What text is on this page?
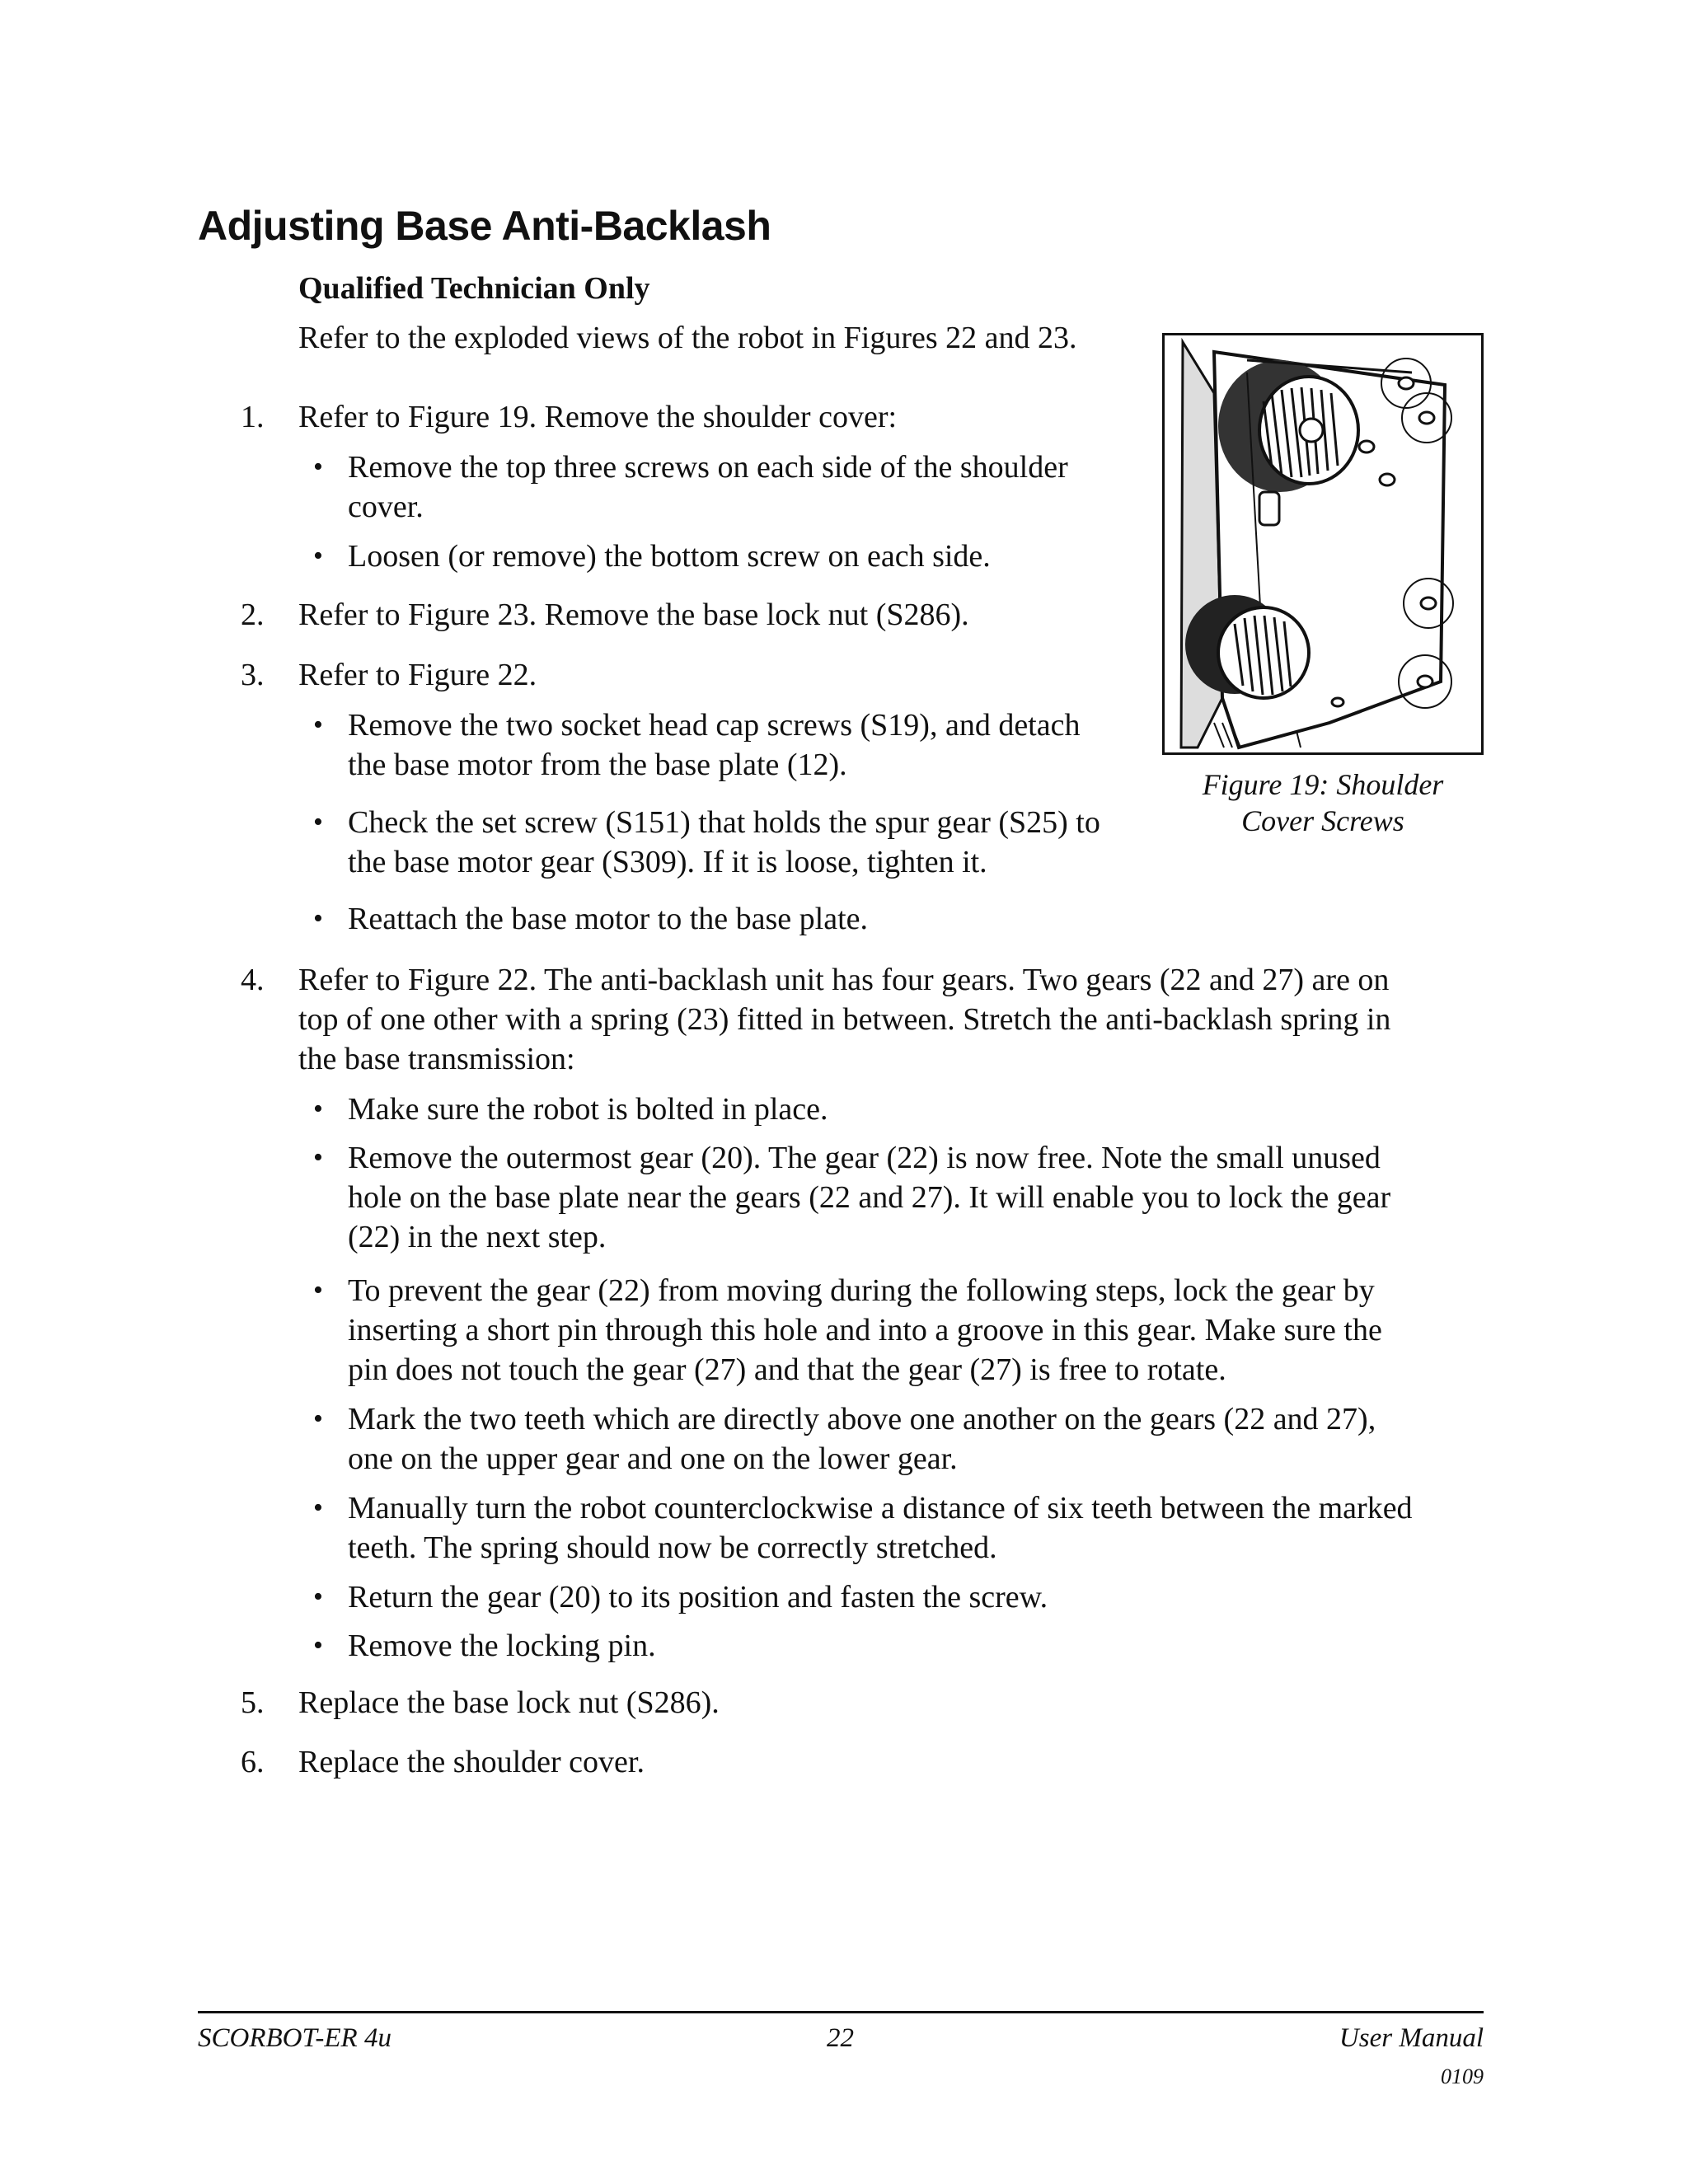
Adjusting Base Anti-Backlash
Qualified Technician Only
Refer to the exploded views of the robot in Figures 22 and 23.
1. Refer to Figure 19. Remove the shoulder cover:
• Remove the top three screws on each side of the shoulder
cover.
• Loosen (or remove) the bottom screw on each side.
2. Refer to Figure 23. Remove the base lock nut (S286).
3. Refer to Figure 22.
• Remove the two socket head cap screws (S19), and detach
the base motor from the base plate (12).
• Check the set screw (S151) that holds the spur gear (S25) to
the base motor gear (S309). If it is loose, tighten it.
• Reattach the base motor to the base plate.
4. Refer to Figure 22. The anti-backlash unit has four gears. Two gears (22 and 27) are on
top of one other with a spring (23) fitted in between. Stretch the anti-backlash spring in
the base transmission:
• Make sure the robot is bolted in place.
• Remove the outermost gear (20). The gear (22) is now free. Note the small unused
hole on the base plate near the gears (22 and 27). It will enable you to lock the gear
(22) in the next step.
• To prevent the gear (22) from moving during the following steps, lock the gear by
inserting a short pin through this hole and into a groove in this gear. Make sure the
pin does not touch the gear (27) and that the gear (27) is free to rotate.
• Mark the two teeth which are directly above one another on the gears (22 and 27),
one on the upper gear and one on the lower gear.
• Manually turn the robot counterclockwise a distance of six teeth between the marked
teeth. The spring should now be correctly stretched.
• Return the gear (20) to its position and fasten the screw.
• Remove the locking pin.
5. Replace the base lock nut (S286).
6. Replace the shoulder cover.
Figure 19: Shoulder
Cover Screws
SCORBOT-ER 4u	22	User Manual
0109
